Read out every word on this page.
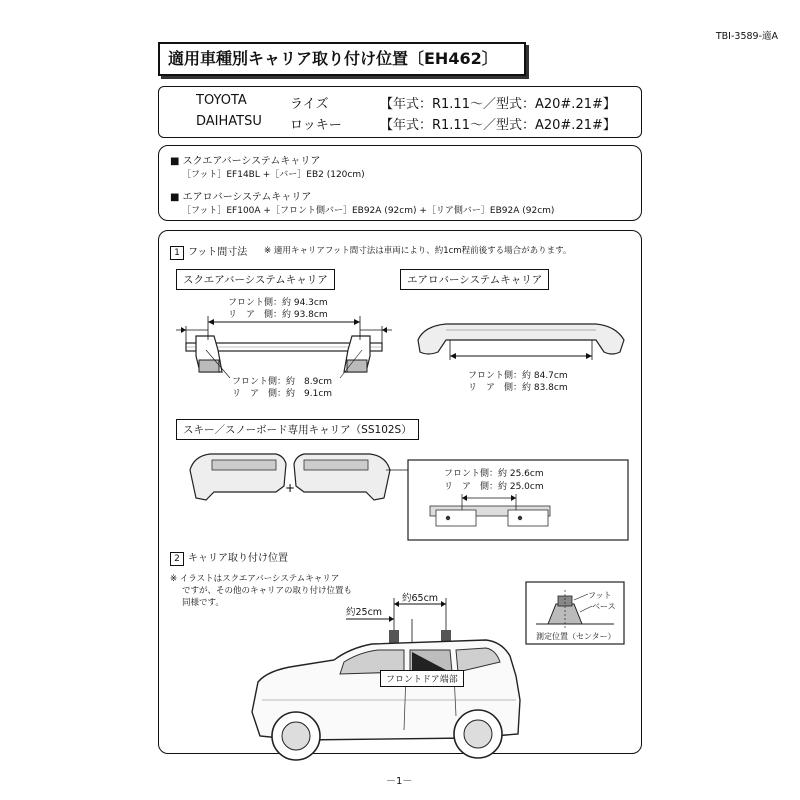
TBI-3589-適A
適用車種別キャリア取り付け位置〔EH462〕
TOYOTA	ライズ	【年式：R1.11～／型式：A20#.21#】
DAIHATSU ロッキー	【年式：R1.11～／型式：A20#.21#】
■ スクエアバーシステムキャリア
［フット］EF14BL +［バー］EB2 (120cm)
■ エアロバーシステムキャリア
［フット］EF100A +［フロント側バー］EB92A (92cm) +［リア側バー］EB92A (92cm)
1 フット間寸法 ※ 適用キャリアフット間寸法は車両により、約1cm程前後する場合があります。
スクエアバーシステムキャリア	エアロバーシステムキャリア
フロント側：約 94.3cm
リ　ア　側：約 93.8cm
フロント側：約　8.9cm
リ　ア　側：約　9.1cm
フロント側：約 84.7cm
リ　ア　側：約 83.8cm
スキー／スノーボード専用キャリア（SS102S）
+
フロント側：約 25.6cm
リ　ア　側：約 25.0cm
2 キャリア取り付け位置
※ イラストはスクエアバーシステムキャリア
ですが、その他のキャリアの取り付け位置も
同様です。
フット
ベース
測定位置（センター）
約65cm
約25cm
フロントドア端部
－1－
